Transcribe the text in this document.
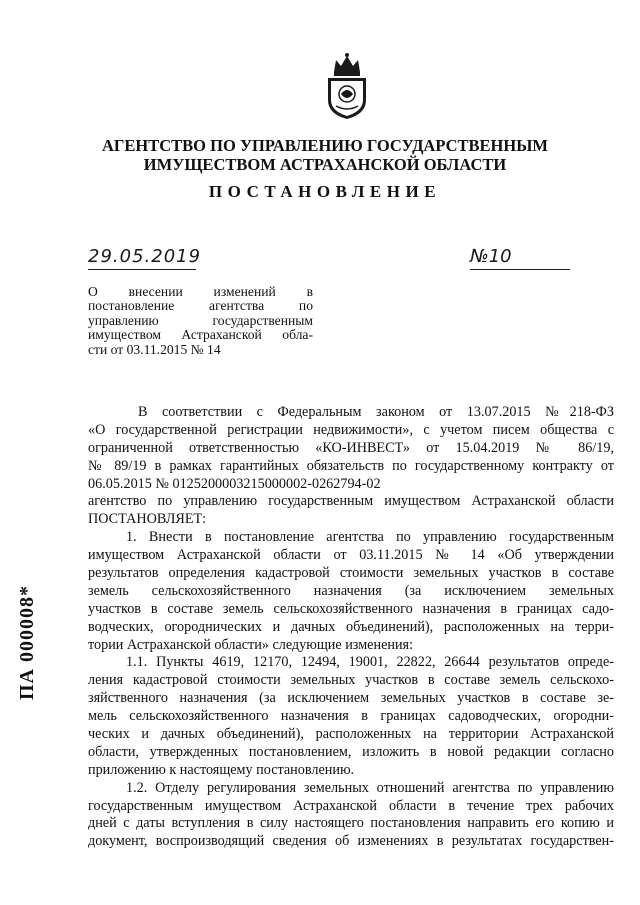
АГЕНТСТВО ПО УПРАВЛЕНИЮ ГОСУДАРСТВЕННЫМ
ИМУЩЕСТВОМ АСТРАХАНСКОЙ ОБЛАСТИ
ПОСТАНОВЛЕНИЕ
29.05.2019	№10
О внесении изменений в
постановление агентства по
управлению государственным
имуществом Астраханской обла-
сти от 03.11.2015 № 14
ПА 000008*
В соответствии с Федеральным законом от 13.07.2015 №218-ФЗ
«О государственной регистрации недвижимости», с учетом писем общества с
ограниченной ответственностью «КО-ИНВЕСТ» от 15.04.2019 № 86/19,
№ 89/19 в рамках гарантийных обязательств по государственному контракту от
06.05.2015 № 0125200003215000002-0262794-02
агентство по управлению государственным имуществом Астраханской области
ПОСТАНОВЛЯЕТ:
1. Внести в постановление агентства по управлению государственным
имуществом Астраханской области от 03.11.2015 № 14 «Об утверждении
результатов определения кадастровой стоимости земельных участков в составе
земель сельскохозяйственного назначения (за исключением земельных
участков в составе земель сельскохозяйственного назначения в границах садо-
водческих, огороднических и дачных объединений), расположенных на терри-
тории Астраханской области» следующие изменения:
1.1. Пункты 4619, 12170, 12494, 19001, 22822, 26644 результатов опреде-
ления кадастровой стоимости земельных участков в составе земель сельскохо-
зяйственного назначения (за исключением земельных участков в составе зе-
мель сельскохозяйственного назначения в границах садоводческих, огородни-
ческих и дачных объединений), расположенных на территории Астраханской
области, утвержденных постановлением, изложить в новой редакции согласно
приложению к настоящему постановлению.
1.2. Отделу регулирования земельных отношений агентства по управлению
государственным имуществом Астраханской области в течение трех рабочих
дней с даты вступления в силу настоящего постановления направить его копию и
документ, воспроизводящий сведения об изменениях в результатах государствен-
